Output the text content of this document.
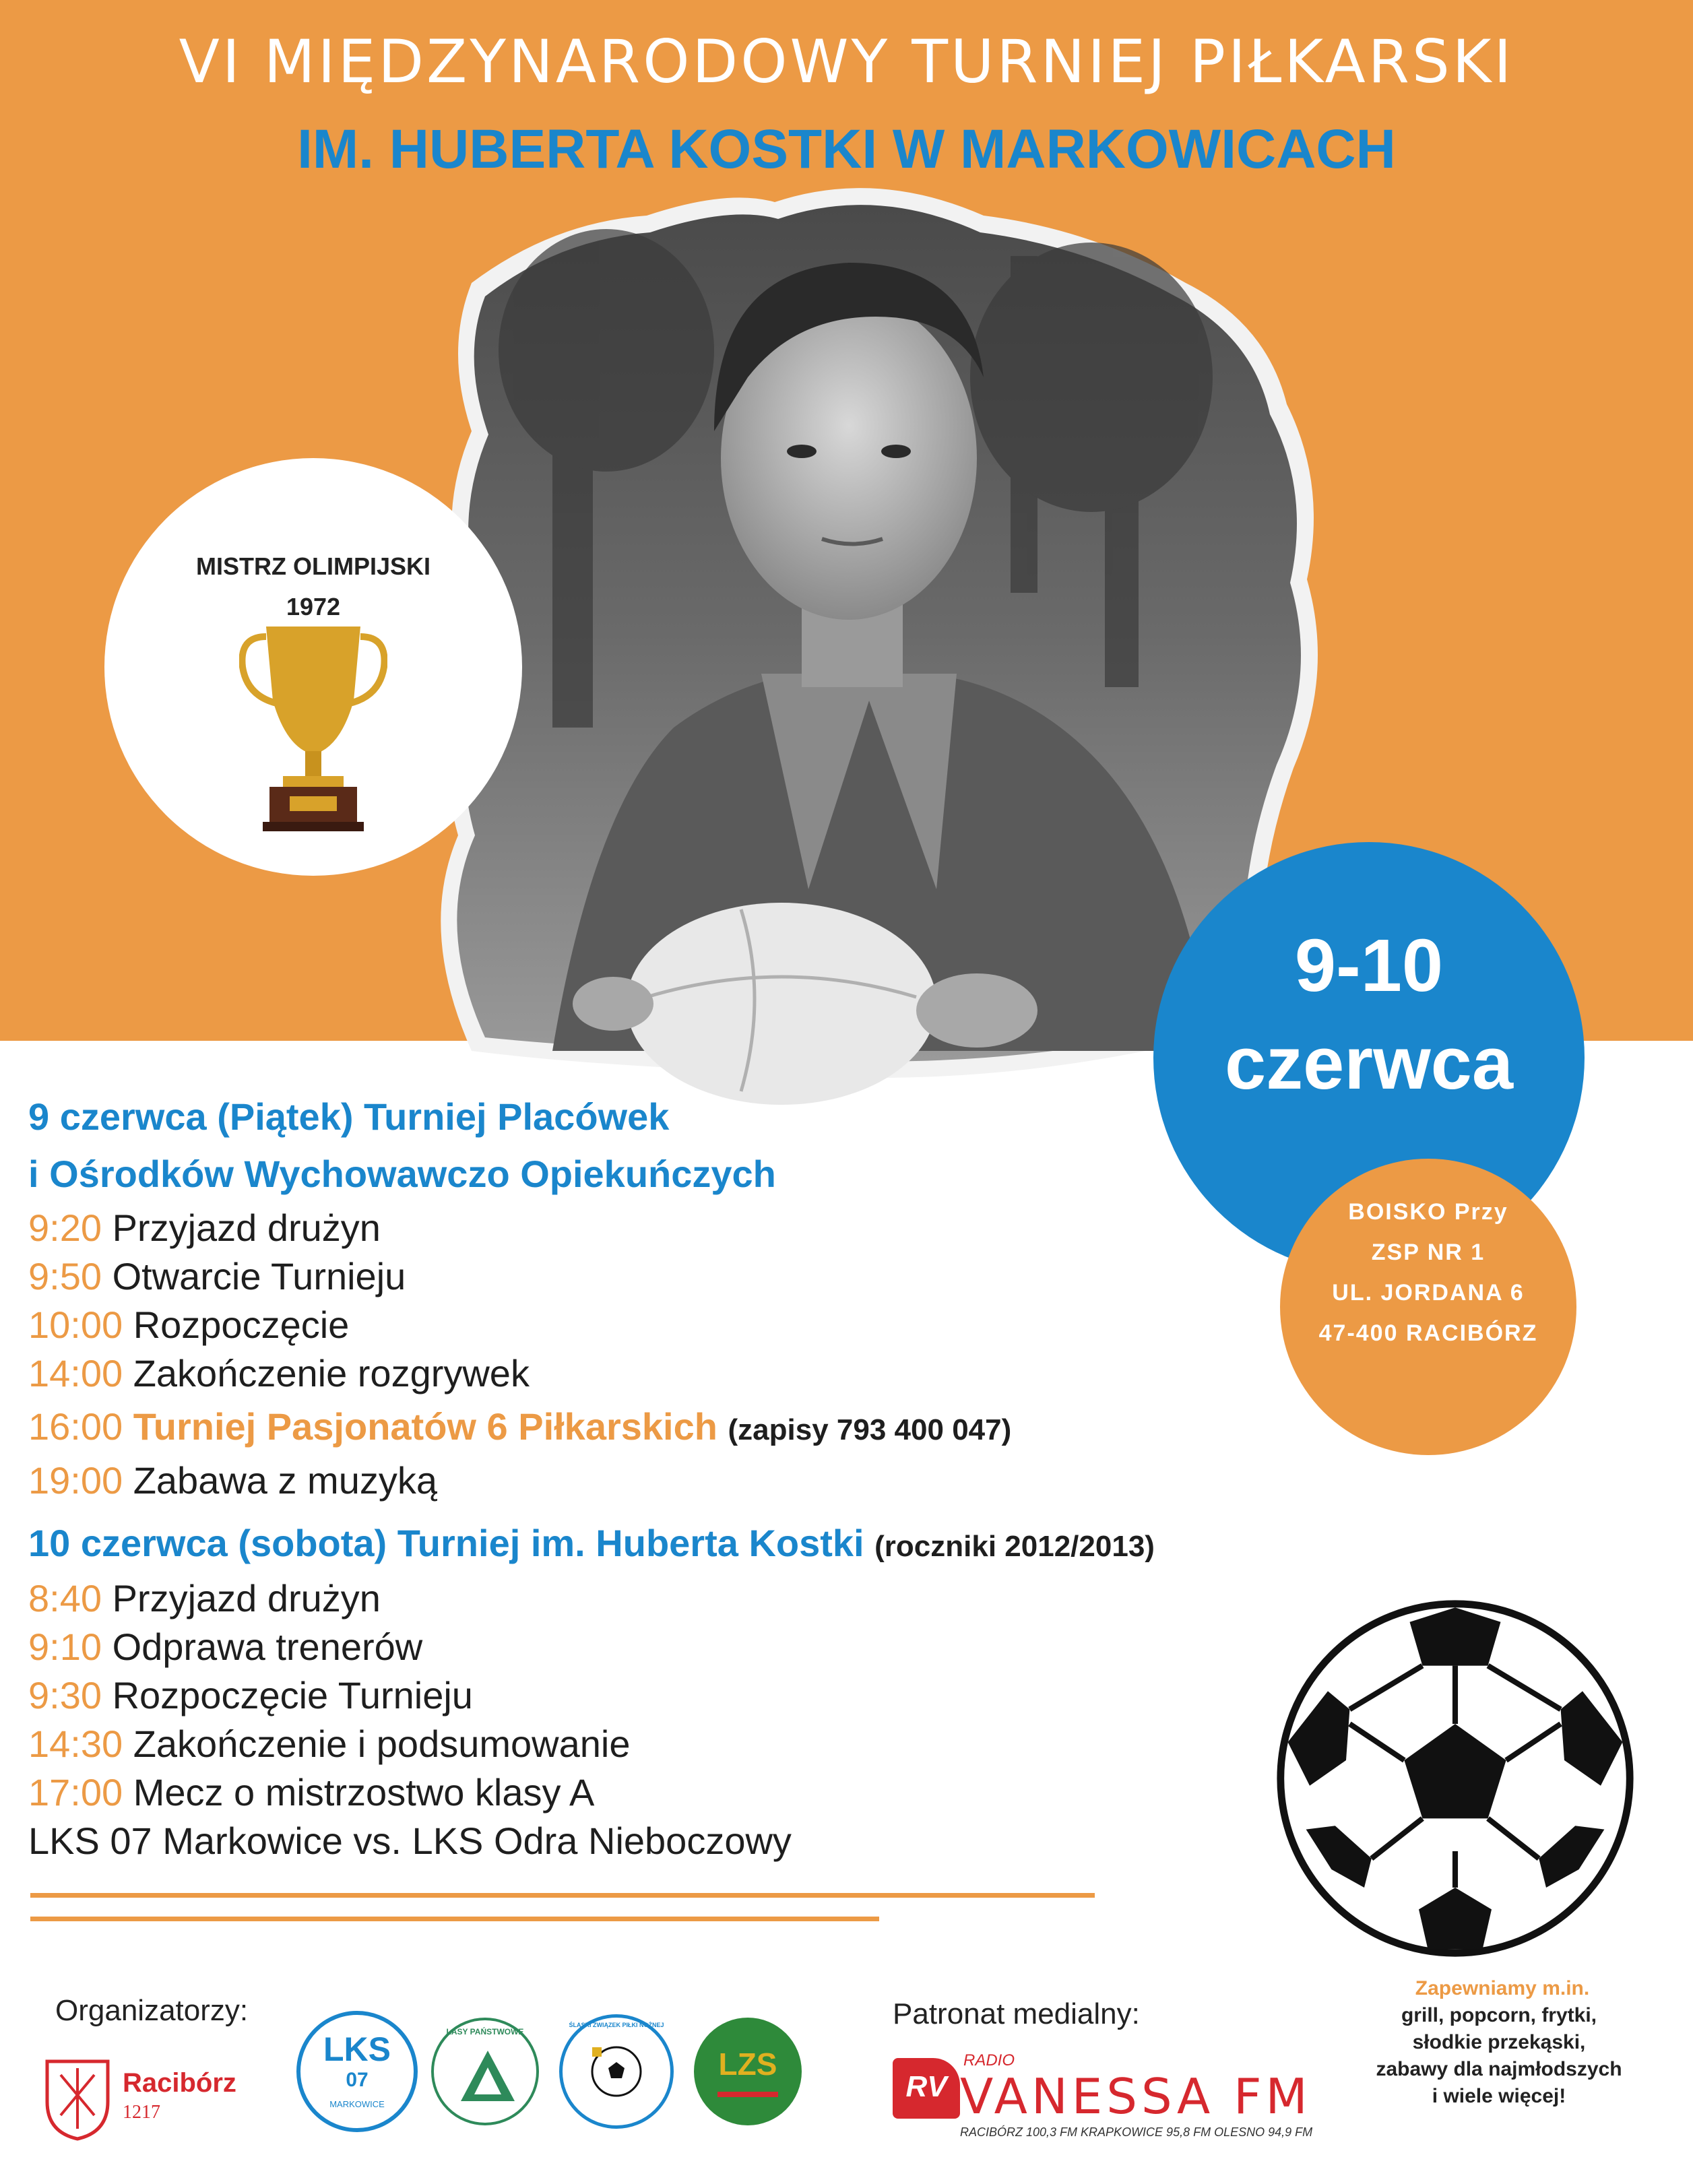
VI MIĘDZYNARODOWY TURNIEJ PIŁKARSKI
IM. HUBERTA KOSTKI W MARKOWICACH
MISTRZ OLIMPIJSKI
1972
9-10
czerwca
BOISKO Przy
ZSP NR 1
UL. JORDANA 6
47-400 RACIBÓRZ
9 czerwca (Piątek) Turniej Placówek
i Ośrodków Wychowawczo Opiekuńczych
9:20 Przyjazd drużyn
9:50 Otwarcie Turnieju
10:00 Rozpoczęcie
14:00 Zakończenie rozgrywek
16:00 Turniej Pasjonatów 6 Piłkarskich (zapisy 793 400 047)
19:00 Zabawa z muzyką
10 czerwca (sobota) Turniej im. Huberta Kostki (roczniki 2012/2013)
8:40 Przyjazd drużyn
9:10 Odprawa trenerów
9:30 Rozpoczęcie Turnieju
14:30 Zakończenie i podsumowanie
17:00 Mecz o mistrzostwo klasy A
LKS 07 Markowice vs. LKS Odra Nieboczowy
Organizatorzy:	Patronat medialny:
Racibórz
1217
LKS
07
MARKOWICE
LASY PAŃSTWOWE
ŚLĄSKI ZWIĄZEK PIŁKI NOŻNEJ
LZS
RV
RADIO
VANESSA FM
RACIBÓRZ 100,3 FM KRAPKOWICE 95,8 FM OLESNO 94,9 FM
Zapewniamy m.in.
grill, popcorn, frytki,
słodkie przekąski,
zabawy dla najmłodszych
i wiele więcej!
